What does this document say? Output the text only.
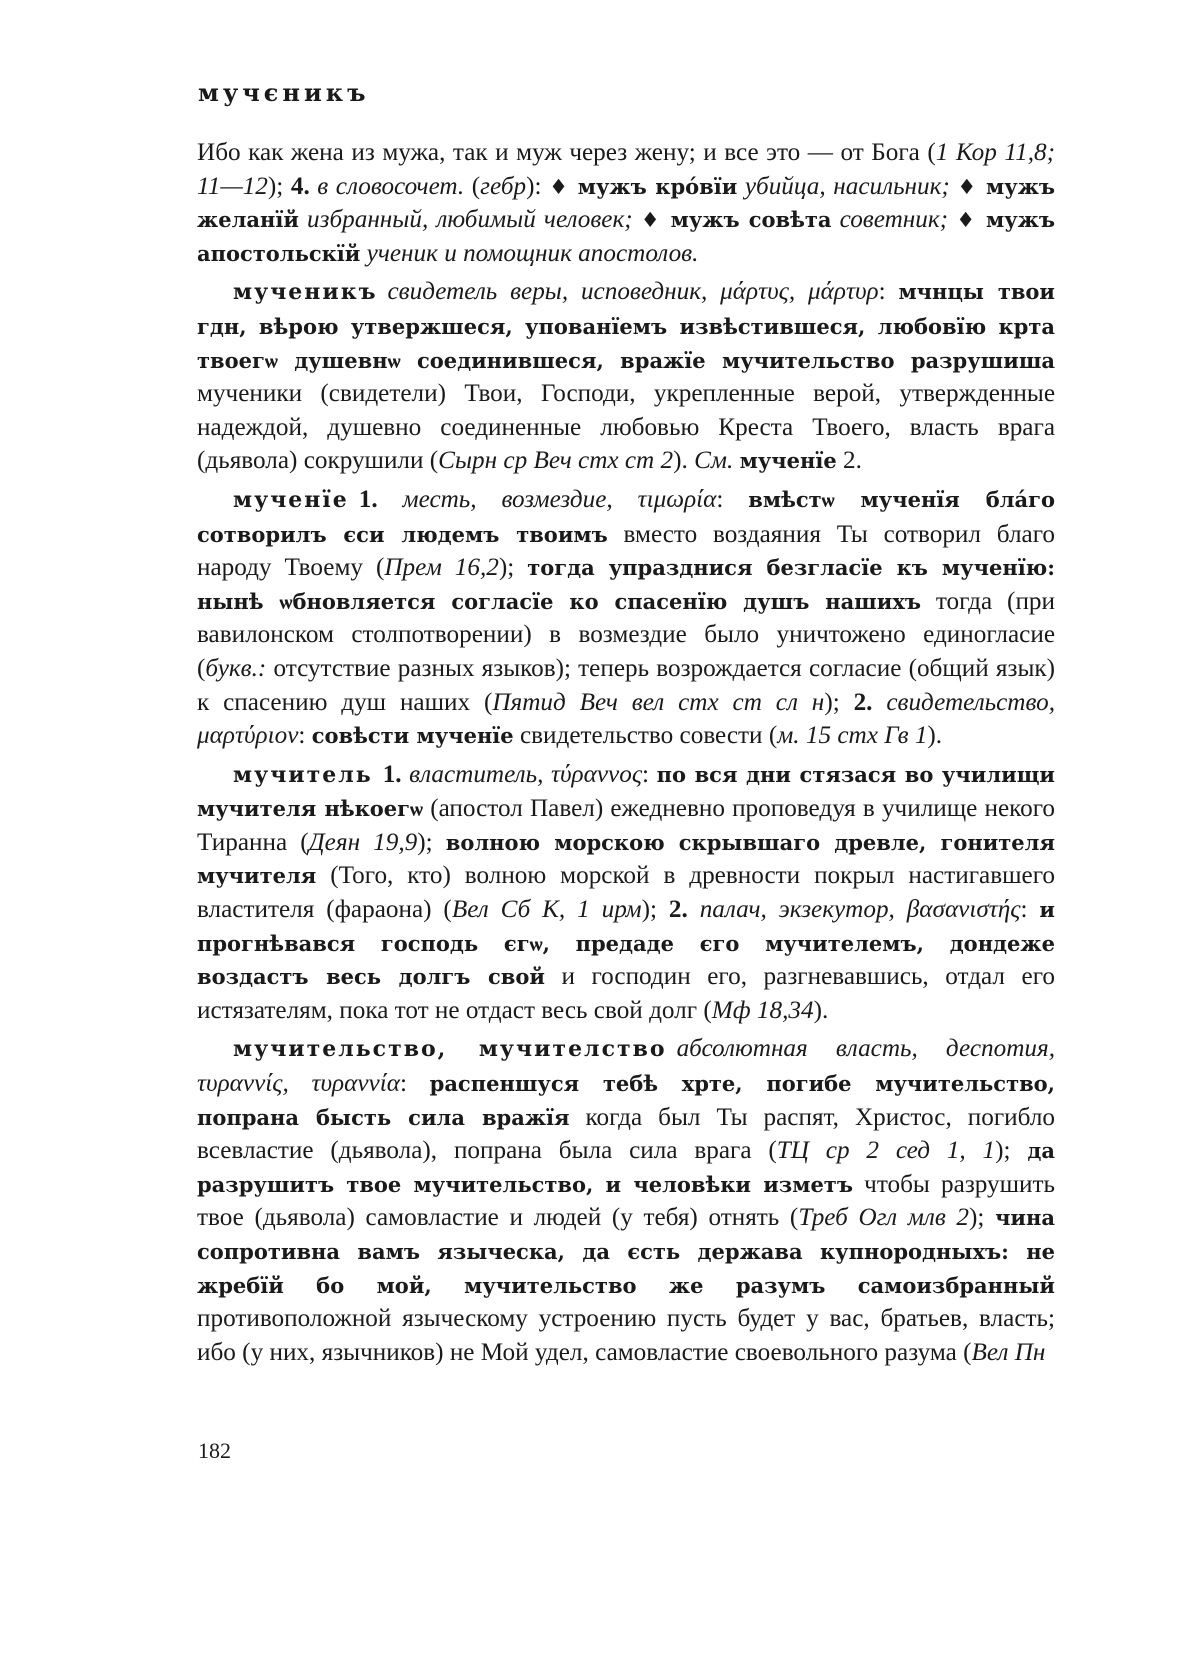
мучєникъ

Ибо как жена из мужа, так и муж через жену; и все это — от Бога (1 Кор 11,8; 11—12); 4. в словосочет. (гебр): ♦ мужъ кро́вїи убийца, насильник; ♦ мужъ желанїй избранный, любимый человек; ♦ мужъ совѣта советник; ♦ мужъ апостольскїй ученик и помощник апостолов.

мученикъ свидетель веры, исповедник, μάρτυς, μάρτυρ: мчнцы твои гдн, вѣрою утвержшеся, упованїемъ извѣстившеся, любовїю крта твоегѡ душевнѡ соединившеся, вражїе мучительство разрушиша мученики (свидетели) Твои, Господи, укрепленные верой, утвержденные надеждой, душевно соединенные любовью Креста Твоего, власть врага (дьявола) сокрушили (Сырн ср Веч стх ст 2). См. мученїе 2.

мученїе 1. месть, возмездие, τιμωρία: вмѣстѡ мученїя бла́го сотворилъ єси людемъ твоимъ вместо воздаяния Ты сотворил благо народу Твоему (Прем 16,2); тогда упразднися безгласїе къ мученїю: нынѣ ѡбновляется согласїе ко спасенїю душъ нашихъ тогда (при вавилонском столпотворении) в возмездие было уничтожено единогласие (букв.: отсутствие разных языков); теперь возрождается согласие (общий язык) к спасению душ наших (Пятид Веч вел стх ст сл н); 2. свидетельство, μαρτύριον: совѣсти мученїе свидетельство совести (м. 15 стх Гв 1).

мучитель 1. властитель, τύραννος: по вся дни стязася во училищи мучителя нѣкоегѡ (апостол Павел) ежедневно проповедуя в училище некого Тиранна (Деян 19,9); волною морскою скрывшаго древле, гонителя мучителя (Того, кто) волною морской в древности покрыл настигавшего властителя (фараона) (Вел Сб К, 1 ирм); 2. палач, экзекутор, βασανιστής: и прогнѣвався господь єгѡ, предаде єго мучителемъ, дондеже воздастъ весь долгъ свой и господин его, разгневавшись, отдал его истязателям, пока тот не отдаст весь свой долг (Мф 18,34).

мучительство, мучителство абсолютная власть, деспотия, τυραννίς, τυραννία: распеншуся тебѣ хрте, погибе мучительство, попрана бысть сила вражїя когда был Ты распят, Христос, погибло всевластие (дьявола), попрана была сила врага (ТЦ ср 2 сед 1, 1); да разрушитъ твое мучительство, и человѣки изметъ чтобы разрушить твое (дьявола) самовластие и людей (у тебя) отнять (Треб Огл млв 2); чина сопротивна вамъ языческа, да єсть держава купнородныхъ: не жребїй бо мой, мучительство же разумъ самоизбранный противоположной языческому устроению пусть будет у вас, братьев, власть; ибо (у них, язычников) не Мой удел, самовластие своевольного разума (Вел Пн

182
